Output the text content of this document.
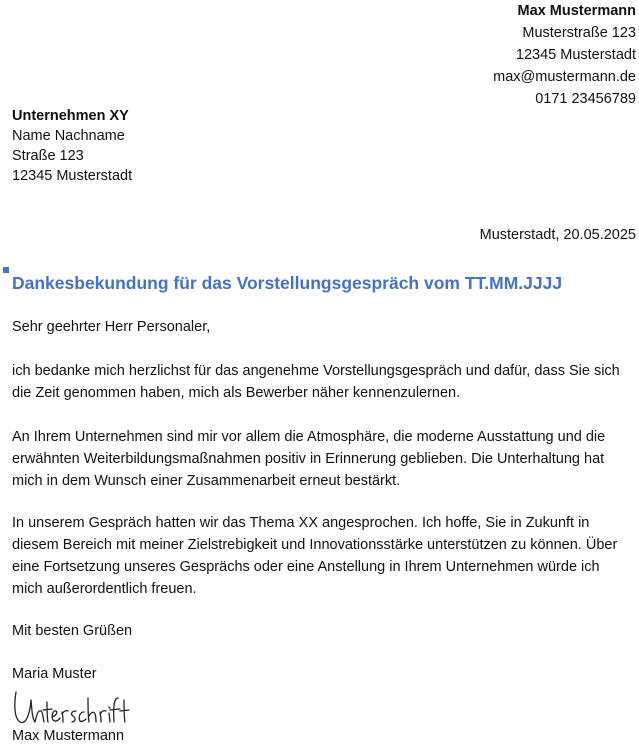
Max Mustermann
Musterstraße 123
12345 Musterstadt
max@mustermann.de
0171 23456789
Unternehmen XY
Name Nachname
Straße 123
12345 Musterstadt
Musterstadt, 20.05.2025
Dankesbekundung für das Vorstellungsgespräch vom TT.MM.JJJJ

Sehr geehrter Herr Personaler,

ich bedanke mich herzlichst für das angenehme Vorstellungsgespräch und dafür, dass Sie sich die Zeit genommen haben, mich als Bewerber näher kennenzulernen.

An Ihrem Unternehmen sind mir vor allem die Atmosphäre, die moderne Ausstattung und die erwähnten Weiterbildungsmaßnahmen positiv in Erinnerung geblieben. Die Unterhaltung hat mich in dem Wunsch einer Zusammenarbeit erneut bestärkt.

In unserem Gespräch hatten wir das Thema XX angesprochen. Ich hoffe, Sie in Zukunft in diesem Bereich mit meiner Zielstrebigkeit und Innovationsstärke unterstützen zu können. Über eine Fortsetzung unseres Gesprächs oder eine Anstellung in Ihrem Unternehmen würde ich mich außerordentlich freuen.

Mit besten Grüßen

Maria Muster

Max Mustermann
